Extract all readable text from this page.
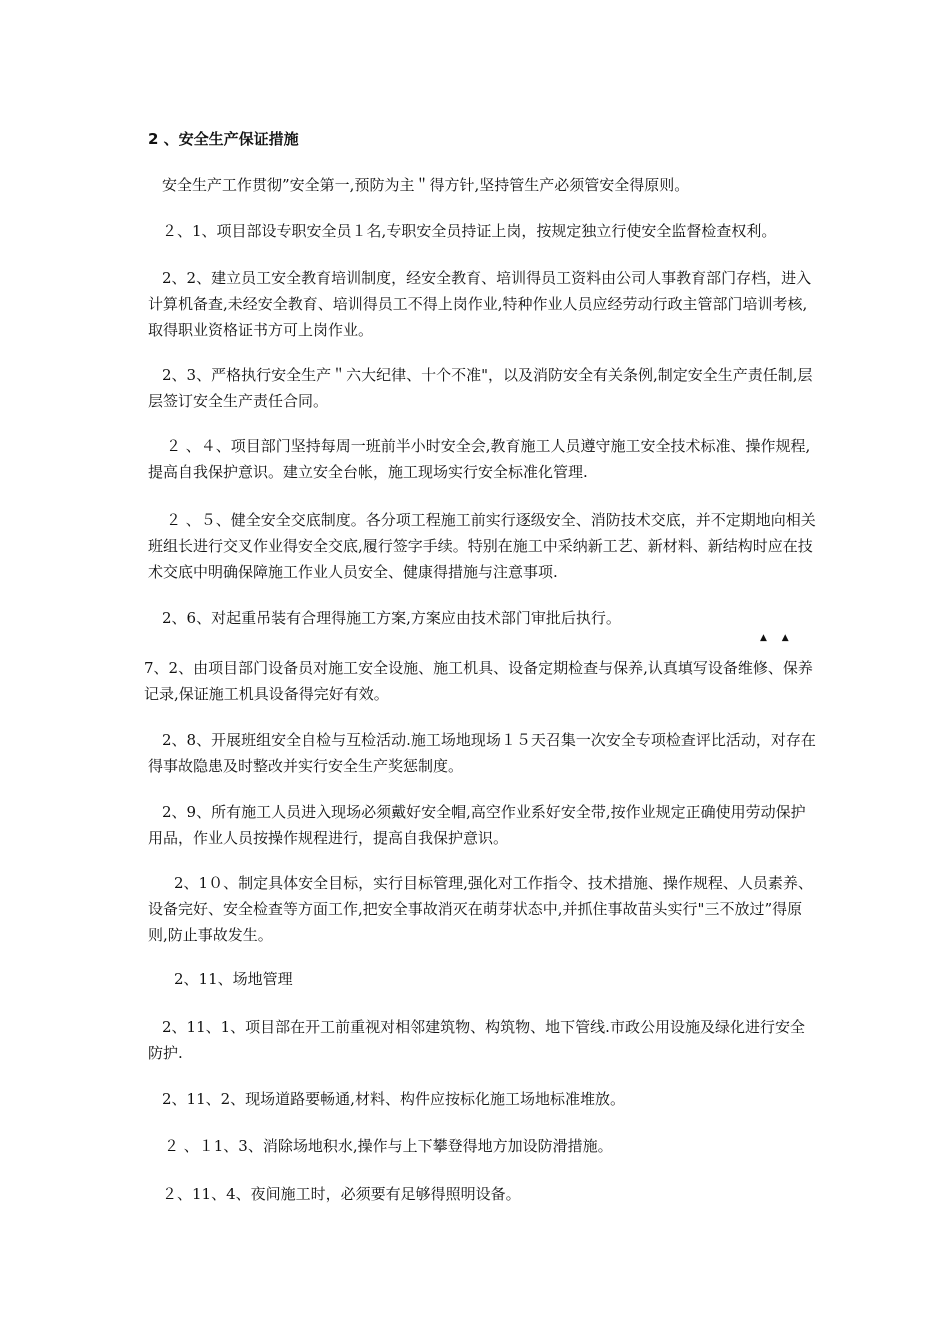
2 、安全生产保证措施

安全生产工作贯彻”安全第一,预防为主＂得方针,坚持管生产必须管安全得原则。

２、1、项目部设专职安全员１名,专职安全员持证上岗，按规定独立行使安全监督检查权利。

2、2、建立员工安全教育培训制度，经安全教育、培训得员工资料由公司人事教育部门存档，进入计算机备查,未经安全教育、培训得员工不得上岗作业,特种作业人员应经劳动行政主管部门培训考核,取得职业资格证书方可上岗作业。

2、3、严格执行安全生产＂六大纪律、十个不准"，以及消防安全有关条例,制定安全生产责任制,层层签订安全生产责任合同。

２ 、４、项目部门坚持每周一班前半小时安全会,教育施工人员遵守施工安全技术标准、操作规程,提高自我保护意识。建立安全台帐，施工现场实行安全标准化管理.

２ 、５、健全安全交底制度。各分项工程施工前实行逐级安全、消防技术交底，并不定期地向相关班组长进行交叉作业得安全交底,履行签字手续。特别在施工中采纳新工艺、新材料、新结构时应在技术交底中明确保障施工作业人员安全、健康得措施与注意事项.

2、6、对起重吊装有合理得施工方案,方案应由技术部门审批后执行。

▲ ▲

7、2、由项目部门设备员对施工安全设施、施工机具、设备定期检查与保养,认真填写设备维修、保养记录,保证施工机具设备得完好有效。

2、8、开展班组安全自检与互检活动.施工场地现场１５天召集一次安全专项检查评比活动，对存在得事故隐患及时整改并实行安全生产奖惩制度。

2、9、所有施工人员进入现场必须戴好安全帽,高空作业系好安全带,按作业规定正确使用劳动保护用品，作业人员按操作规程进行，提高自我保护意识。

2、1０、制定具体安全目标，实行目标管理,强化对工作指令、技术措施、操作规程、人员素养、设备完好、安全检查等方面工作,把安全事故消灭在萌芽状态中,并抓住事故苗头实行"三不放过”得原则,防止事故发生。

2、11、场地管理

2、11、1、项目部在开工前重视对相邻建筑物、构筑物、地下管线.市政公用设施及绿化进行安全防护.

2、11、2、现场道路要畅通,材料、构件应按标化施工场地标准堆放。

２ 、１1、3、消除场地积水,操作与上下攀登得地方加设防滑措施。

２、11、4、夜间施工时，必须要有足够得照明设备。
